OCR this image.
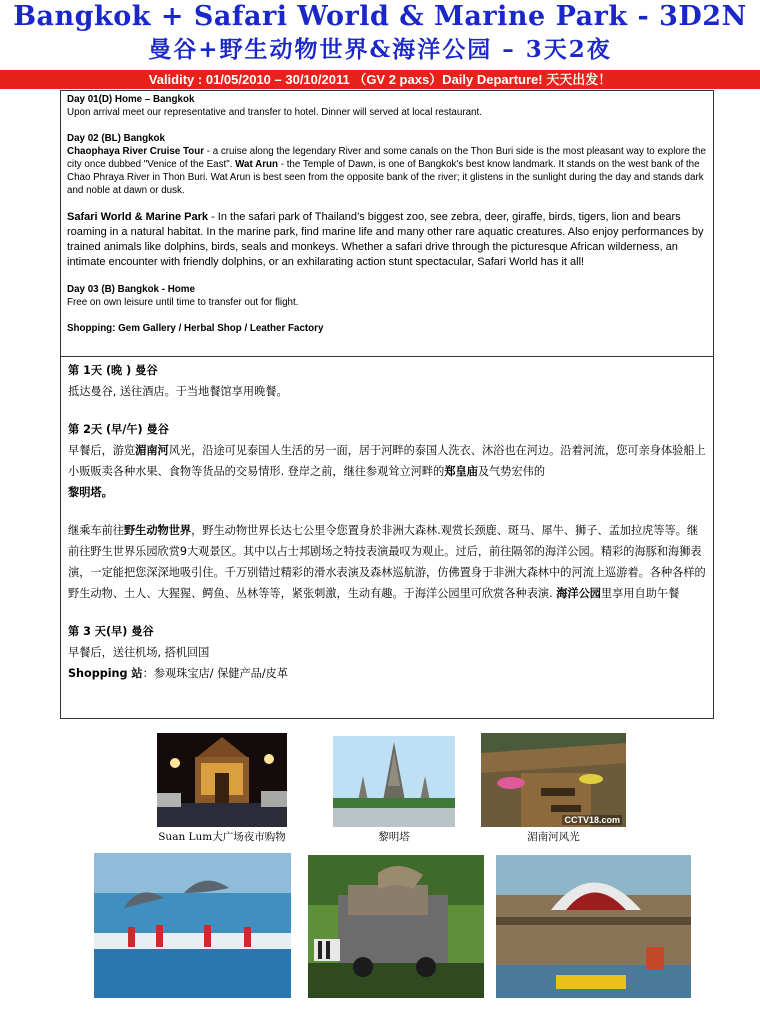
Bangkok + Safari World & Marine Park - 3D2N
曼谷+野生动物世界&海洋公园 – 3天2夜
Validity : 01/05/2010 – 30/10/2011 （GV 2 paxs）Daily Departure! 天天出发！

Day 01(D) Home – Bangkok

Upon arrival meet our representative and transfer to hotel. Dinner will served at local restaurant.

Day 02 (BL) Bangkok

Chaophaya River Cruise Tour - a cruise along the legendary River and some canals on the Thon Buri side is the most pleasant way to explore the city once dubbed "Venice of the East". Wat Arun - the Temple of Dawn, is one of Bangkok's best know landmark. It stands on the west bank of the Chao Phraya River in Thon Buri. Wat Arun is best seen from the opposite bank of the river; it glistens in the sunlight during the day and stands dark and noble at dawn or dusk.

Safari World & Marine Park - In the safari park of Thailand’s biggest zoo, see zebra, deer, giraffe, birds, tigers, lion and bears roaming in a natural habitat. In the marine park, find marine life and many other rare aquatic creatures. Also enjoy performances by trained animals like dolphins, birds, seals and monkeys. Whether a safari drive through the picturesque African wilderness, an intimate encounter with friendly dolphins, or an exhilarating action stunt spectacular, Safari World has it all!

Day 03 (B) Bangkok - Home

Free on own leisure until time to transfer out for flight.

Shopping: Gem Gallery / Herbal Shop / Leather Factory

第 1天 (晚 ) 曼谷

抵达曼谷, 送往酒店。于当地餐馆享用晚餐。

第 2天 (早/午) 曼谷

早餐后，游览湄南河风光，沿途可见泰国人生活的另一面，居于河畔的泰国人洗衣、沐浴也在河边。沿着河流，您可亲身体验船上小贩贩卖各种水果、食物等货品的交易情形. 登岸之前，继往参观耸立河畔的郑皇庙及气势宏伟的
黎明塔。

继乘车前往野生动物世界，野生动物世界长达七公里令您置身於非洲大森林.观赏长颈鹿、斑马、犀牛、狮子、孟加拉虎等等。继前往野生世界乐园欣赏9大观景区。其中以占士邦剧场之特技表演最叹为观止。过后，前往隔邻的海洋公园。精彩的海豚和海狮表演，一定能把您深深地吸引住。千万别错过精彩的滑水表演及森林巡航游，仿佛置身于非洲大森林中的河流上巡游着。各种各样的野生动物、土人、大猩猩、鳄鱼、丛林等等，紧张刺激，生动有趣。于海洋公园里可欣赏各种表演. 海洋公园里享用自助午餐

第 3 天(早) 曼谷

早餐后，送往机场, 搭机回国

Shopping 站：参观珠宝店/ 保健产品/皮革

Suan Lum大广场夜市购物	黎明塔
CCTV18.com
湄南河风光
